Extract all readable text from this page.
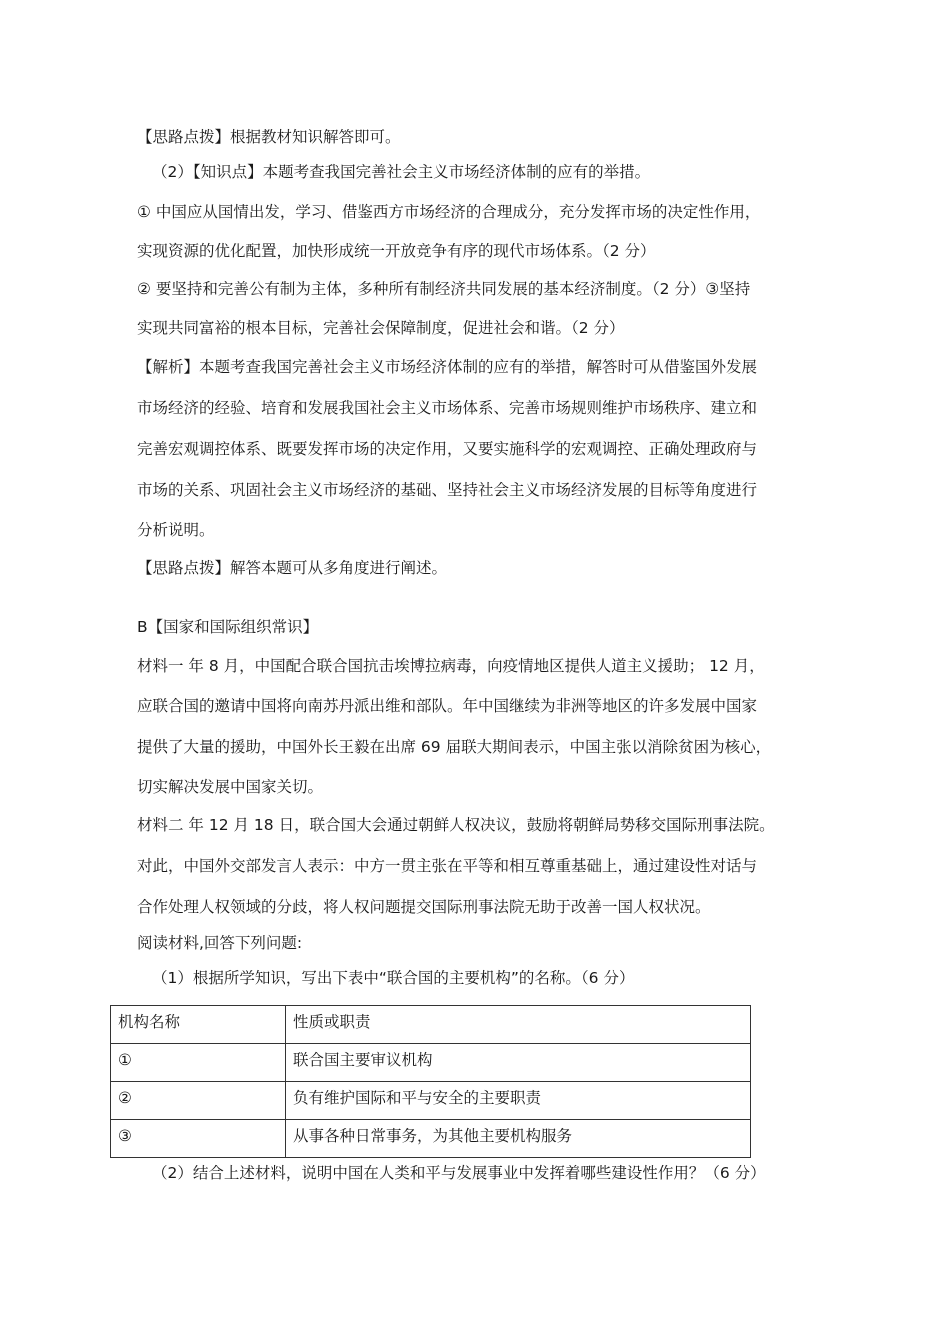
【思路点拨】根据教材知识解答即可。
（2）【知识点】本题考查我国完善社会主义市场经济体制的应有的举措。
① 中国应从国情出发，学习、借鉴西方市场经济的合理成分，充分发挥市场的决定性作用，
实现资源的优化配置，加快形成统一开放竞争有序的现代市场体系。（2 分）
② 要坚持和完善公有制为主体，多种所有制经济共同发展的基本经济制度。（2 分）③坚持
实现共同富裕的根本目标，完善社会保障制度，促进社会和谐。（2 分）
【解析】本题考查我国完善社会主义市场经济体制的应有的举措，解答时可从借鉴国外发展
市场经济的经验、培育和发展我国社会主义市场体系、完善市场规则维护市场秩序、建立和
完善宏观调控体系、既要发挥市场的决定作用，又要实施科学的宏观调控、正确处理政府与
市场的关系、巩固社会主义市场经济的基础、坚持社会主义市场经济发展的目标等角度进行
分析说明。
【思路点拨】解答本题可从多角度进行阐述。
B【国家和国际组织常识】
材料一 年 8 月，中国配合联合国抗击埃博拉病毒，向疫情地区提供人道主义援助； 12 月，
应联合国的邀请中国将向南苏丹派出维和部队。年中国继续为非洲等地区的许多发展中国家
提供了大量的援助，中国外长王毅在出席 69 届联大期间表示，中国主张以消除贫困为核心，
切实解决发展中国家关切。
材料二 年 12 月 18 日，联合国大会通过朝鲜人权决议，鼓励将朝鲜局势移交国际刑事法院。
对此，中国外交部发言人表示：中方一贯主张在平等和相互尊重基础上，通过建设性对话与
合作处理人权领域的分歧，将人权问题提交国际刑事法院无助于改善一国人权状况。
阅读材料,回答下列问题:
（1）根据所学知识，写出下表中“联合国的主要机构”的名称。（6 分）
机构名称	性质或职责

①	联合国主要审议机构

②	负有维护国际和平与安全的主要职责

③	从事各种日常事务，为其他主要机构服务
（2）结合上述材料，说明中国在人类和平与发展事业中发挥着哪些建设性作用？（6 分）
